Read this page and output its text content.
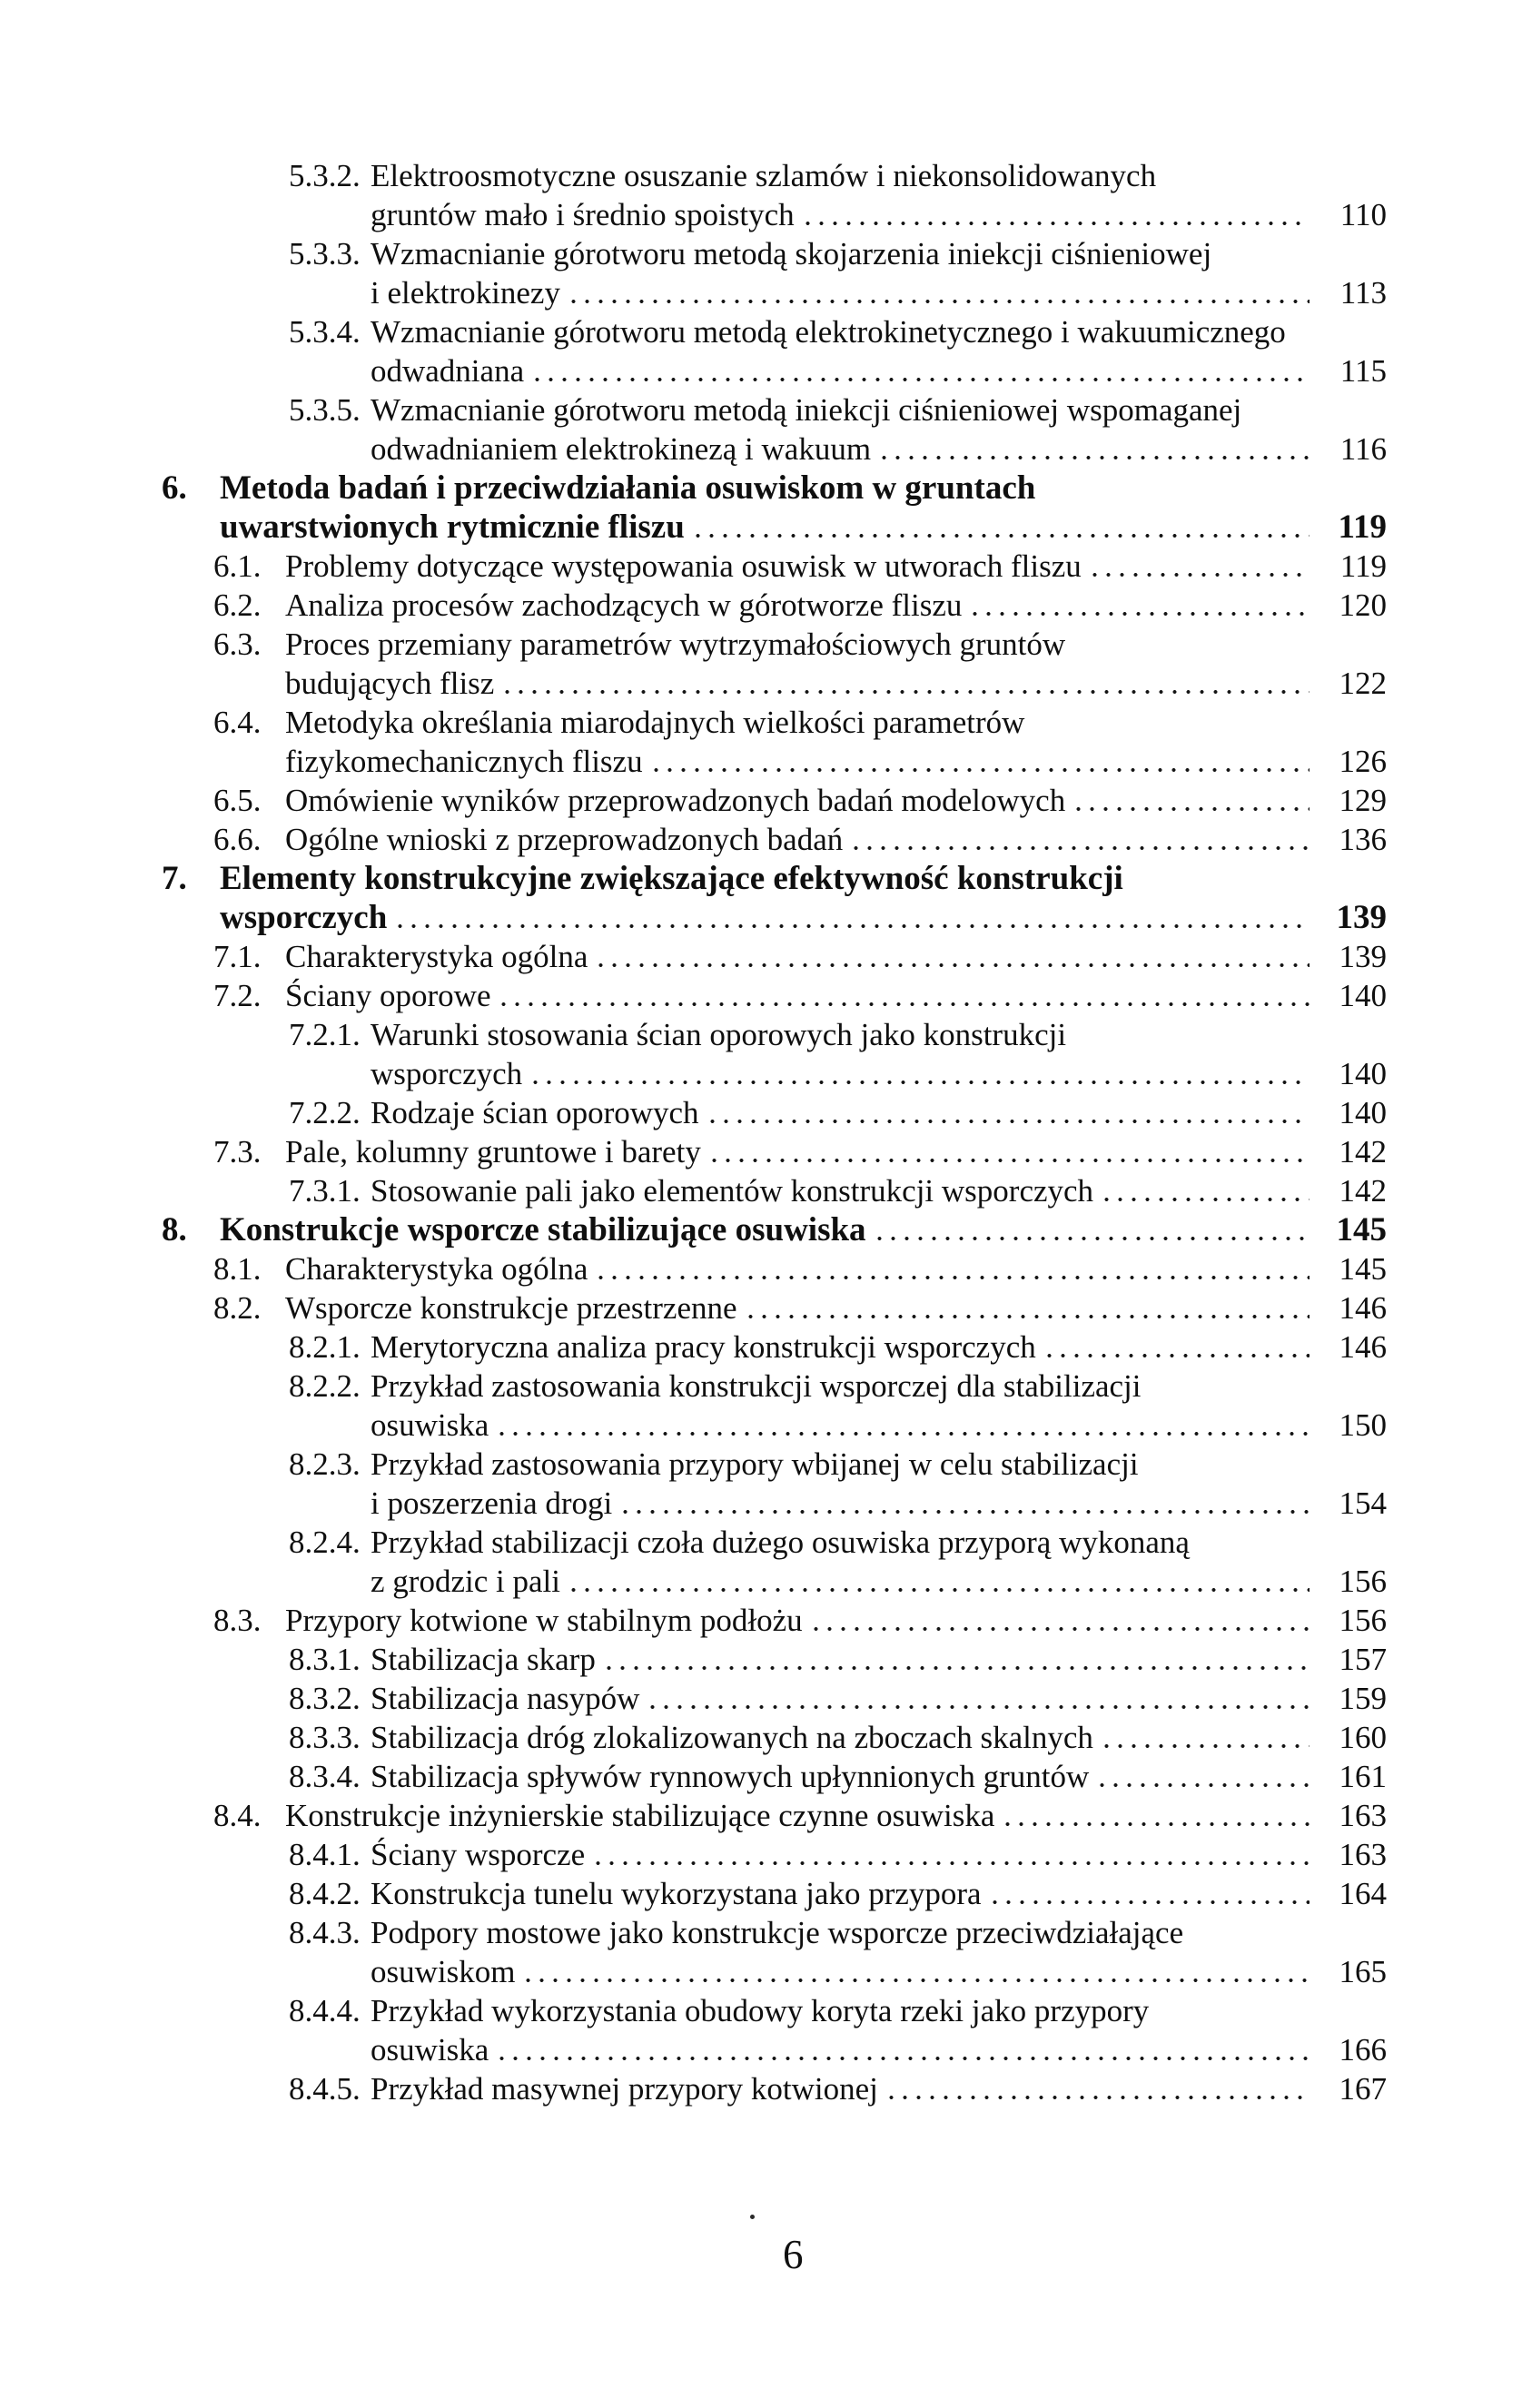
5.3.2. Elektroosmotyczne osuszanie szlamów i niekonsolidowanych
gruntów mało i średnio spoistych	110
5.3.3. Wzmacnianie górotworu metodą skojarzenia iniekcji ciśnieniowej
i elektrokinezy	113
5.3.4. Wzmacnianie górotworu metodą elektrokinetycznego i wakuumicznego
odwadniana	115
5.3.5. Wzmacnianie górotworu metodą iniekcji ciśnieniowej wspomaganej
odwadnianiem elektrokinezą i wakuum	116
6. Metoda badań i przeciwdziałania osuwiskom w gruntach
uwarstwionych rytmicznie fliszu	119
6.1. Problemy dotyczące występowania osuwisk w utworach fliszu	119
6.2. Analiza procesów zachodzących w górotworze fliszu	120
6.3. Proces przemiany parametrów wytrzymałościowych gruntów
budujących flisz	122
6.4. Metodyka określania miarodajnych wielkości parametrów
fizykomechanicznych fliszu	126
6.5. Omówienie wyników przeprowadzonych badań modelowych	129
6.6. Ogólne wnioski z przeprowadzonych badań	136
7. Elementy konstrukcyjne zwiększające efektywność konstrukcji
wsporczych	139
7.1. Charakterystyka ogólna	139
7.2. Ściany oporowe	140
7.2.1. Warunki stosowania ścian oporowych jako konstrukcji
wsporczych	140
7.2.2. Rodzaje ścian oporowych	140
7.3. Pale, kolumny gruntowe i barety	142
7.3.1. Stosowanie pali jako elementów konstrukcji wsporczych	142
8. Konstrukcje wsporcze stabilizujące osuwiska	145
8.1. Charakterystyka ogólna	145
8.2. Wsporcze konstrukcje przestrzenne	146
8.2.1. Merytoryczna analiza pracy konstrukcji wsporczych	146
8.2.2. Przykład zastosowania konstrukcji wsporczej dla stabilizacji
osuwiska	150
8.2.3. Przykład zastosowania przypory wbijanej w celu stabilizacji
i poszerzenia drogi	154
8.2.4. Przykład stabilizacji czoła dużego osuwiska przyporą wykonaną
z grodzic i pali	156
8.3. Przypory kotwione w stabilnym podłożu	156
8.3.1. Stabilizacja skarp	157
8.3.2. Stabilizacja nasypów	159
8.3.3. Stabilizacja dróg zlokalizowanych na zboczach skalnych	160
8.3.4. Stabilizacja spływów rynnowych upłynnionych gruntów	161
8.4. Konstrukcje inżynierskie stabilizujące czynne osuwiska	163
8.4.1. Ściany wsporcze	163
8.4.2. Konstrukcja tunelu wykorzystana jako przypora	164
8.4.3. Podpory mostowe jako konstrukcje wsporcze przeciwdziałające
osuwiskom	165
8.4.4. Przykład wykorzystania obudowy koryta rzeki jako przypory
osuwiska	166
8.4.5. Przykład masywnej przypory kotwionej	167
6
